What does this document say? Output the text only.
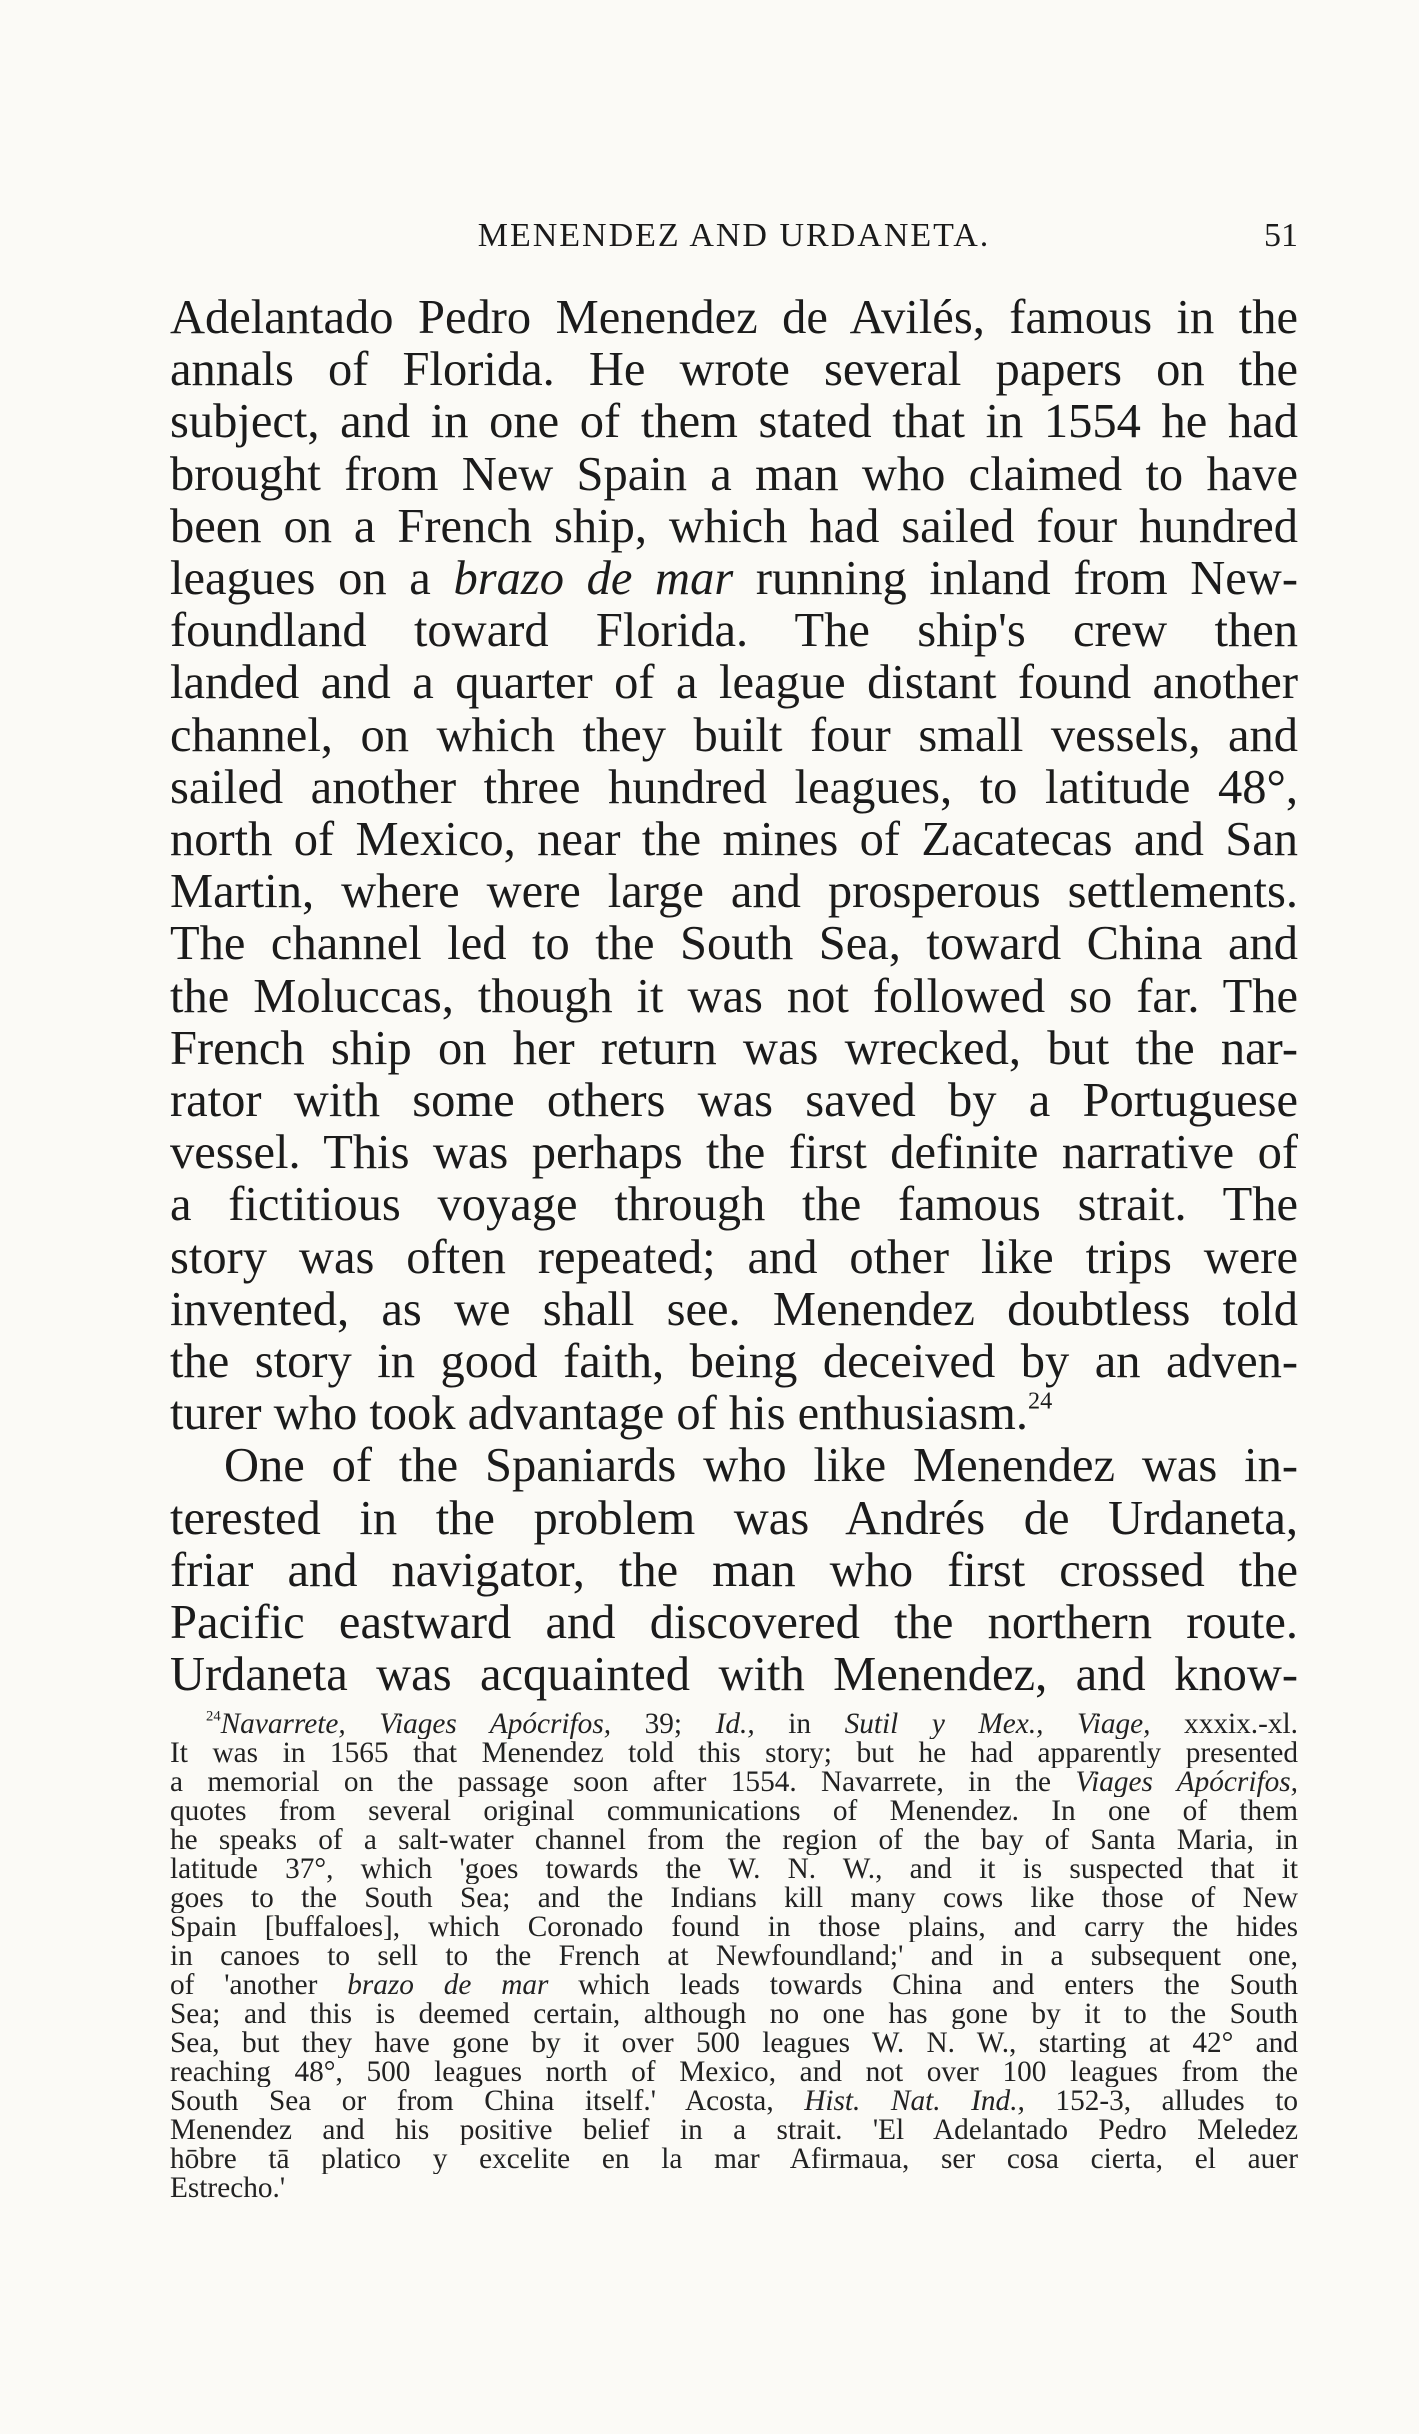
MENENDEZ AND URDANETA.	51
Adelantado Pedro Menendez de Avilés, famous in the
annals of Florida. He wrote several papers on the
subject, and in one of them stated that in 1554 he had
brought from New Spain a man who claimed to have
been on a French ship, which had sailed four hundred
leagues on a brazo de mar running inland from New-
foundland toward Florida. The ship's crew then
landed and a quarter of a league distant found another
channel, on which they built four small vessels, and
sailed another three hundred leagues, to latitude 48°,
north of Mexico, near the mines of Zacatecas and San
Martin, where were large and prosperous settlements.
The channel led to the South Sea, toward China and
the Moluccas, though it was not followed so far. The
French ship on her return was wrecked, but the nar-
rator with some others was saved by a Portuguese
vessel. This was perhaps the first definite narrative of
a fictitious voyage through the famous strait. The
story was often repeated; and other like trips were
invented, as we shall see. Menendez doubtless told
the story in good faith, being deceived by an adven-
turer who took advantage of his enthusiasm.$^{24}$
One of the Spaniards who like Menendez was in-
terested in the problem was Andrés de Urdaneta,
friar and navigator, the man who first crossed the
Pacific eastward and discovered the northern route.
Urdaneta was acquainted with Menendez, and know-
$^{24}$Navarrete, Viages Apócrifos, 39; Id., in Sutil y Mex., Viage, xxxix.-xl.
It was in 1565 that Menendez told this story; but he had apparently presented
a memorial on the passage soon after 1554. Navarrete, in the Viages Apócrifos,
quotes from several original communications of Menendez. In one of them
he speaks of a salt-water channel from the region of the bay of Santa Maria, in
latitude 37°, which 'goes towards the W. N. W., and it is suspected that it
goes to the South Sea; and the Indians kill many cows like those of New
Spain [buffaloes], which Coronado found in those plains, and carry the hides
in canoes to sell to the French at Newfoundland;' and in a subsequent one,
of 'another brazo de mar which leads towards China and enters the South
Sea; and this is deemed certain, although no one has gone by it to the South
Sea, but they have gone by it over 500 leagues W. N. W., starting at 42° and
reaching 48°, 500 leagues north of Mexico, and not over 100 leagues from the
South Sea or from China itself.' Acosta, Hist. Nat. Ind., 152-3, alludes to
Menendez and his positive belief in a strait. 'El Adelantado Pedro Meledez
hōbre tā platico y excelite en la mar Afirmaua, ser cosa cierta, el auer
Estrecho.'
